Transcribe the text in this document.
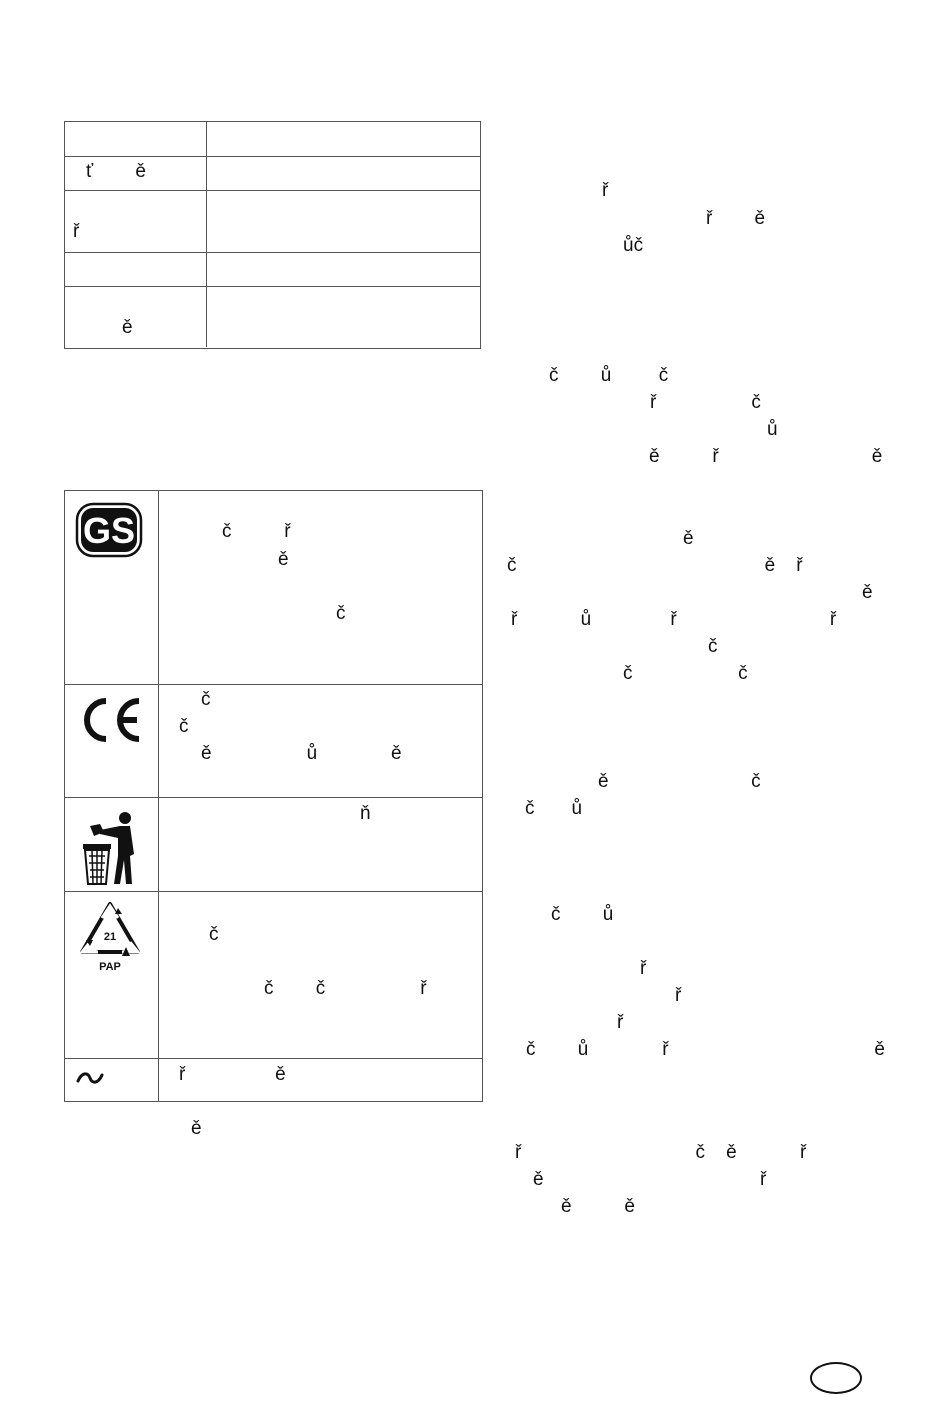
ť        ě
ř
ě
GS
21
PAP
č          ř
ě
č
č
č
ě                  ů              ě
ň
č
č        č                  ř
ř                 ě
ě
ř
ř        ě
ůč
č        ů         č
ř                  č
ů
ě          ř                             ě
ě
č                                               ě    ř
ě
ř            ů               ř                             ř
č
č                    č
ě                           č
č       ů
č        ů
ř
ř
ř
č        ů              ř                                       ě
ř                                 č    ě            ř
ě                                         ř
ě          ě
